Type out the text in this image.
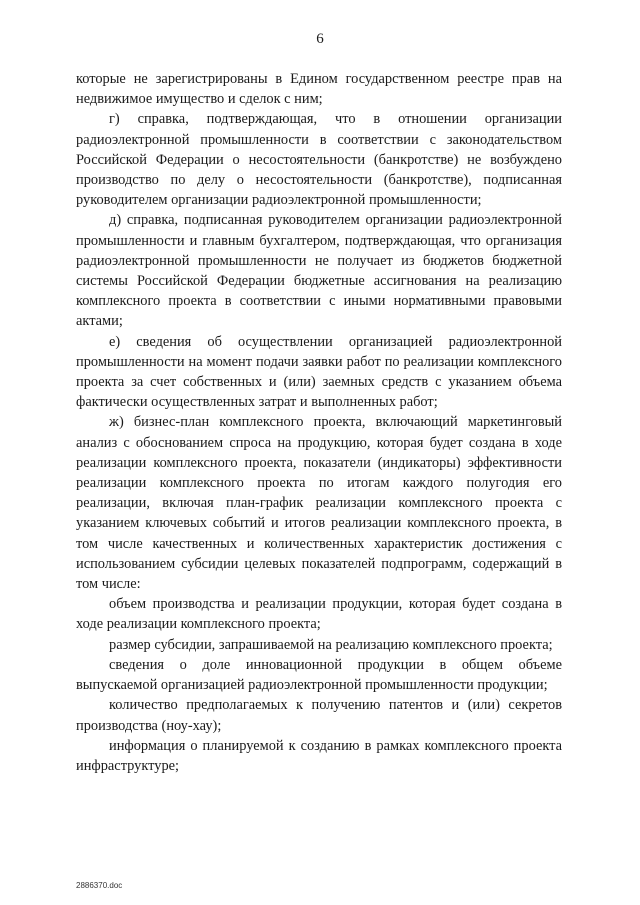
6

которые не зарегистрированы в Едином государственном реестре прав на недвижимое имущество и сделок с ним;

г) справка, подтверждающая, что в отношении организации радиоэлектронной промышленности в соответствии с законодательством Российской Федерации о несостоятельности (банкротстве) не возбуждено производство по делу о несостоятельности (банкротстве), подписанная руководителем организации радиоэлектронной промышленности;

д) справка, подписанная руководителем организации радиоэлектронной промышленности и главным бухгалтером, подтверждающая, что организация радиоэлектронной промышленности не получает из бюджетов бюджетной системы Российской Федерации бюджетные ассигнования на реализацию комплексного проекта в соответствии с иными нормативными правовыми актами;

е) сведения об осуществлении организацией радиоэлектронной промышленности на момент подачи заявки работ по реализации комплексного проекта за счет собственных и (или) заемных средств с указанием объема фактически осуществленных затрат и выполненных работ;

ж) бизнес-план комплексного проекта, включающий маркетинговый анализ с обоснованием спроса на продукцию, которая будет создана в ходе реализации комплексного проекта, показатели (индикаторы) эффективности реализации комплексного проекта по итогам каждого полугодия его реализации, включая план-график реализации комплексного проекта с указанием ключевых событий и итогов реализации комплексного проекта, в том числе качественных и количественных характеристик достижения с использованием субсидии целевых показателей подпрограмм, содержащий в том числе:

объем производства и реализации продукции, которая будет создана в ходе реализации комплексного проекта;

размер субсидии, запрашиваемой на реализацию комплексного проекта;

сведения о доле инновационной продукции в общем объеме выпускаемой организацией радиоэлектронной промышленности продукции;

количество предполагаемых к получению патентов и (или) секретов производства (ноу-хау);

информация о планируемой к созданию в рамках комплексного проекта инфраструктуре;

2886370.doc
